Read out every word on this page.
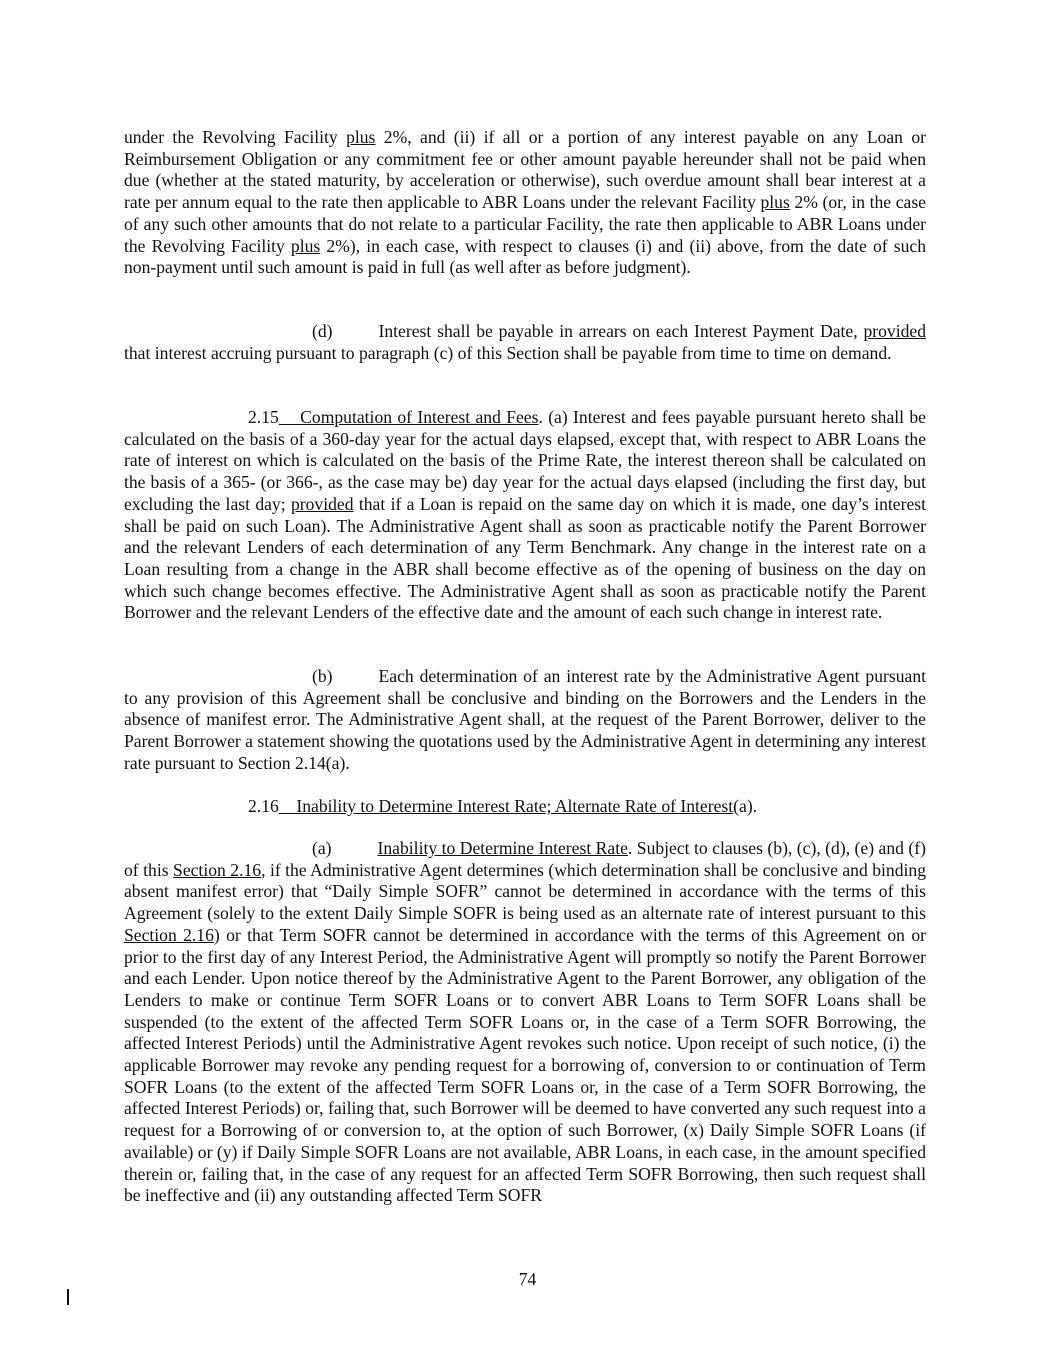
under the Revolving Facility plus 2%, and (ii) if all or a portion of any interest payable on any Loan or Reimbursement Obligation or any commitment fee or other amount payable hereunder shall not be paid when due (whether at the stated maturity, by acceleration or otherwise), such overdue amount shall bear interest at a rate per annum equal to the rate then applicable to ABR Loans under the relevant Facility plus 2% (or, in the case of any such other amounts that do not relate to a particular Facility, the rate then applicable to ABR Loans under the Revolving Facility plus 2%), in each case, with respect to clauses (i) and (ii) above, from the date of such non-payment until such amount is paid in full (as well after as before judgment).

(d)	Interest shall be payable in arrears on each Interest Payment Date, provided that interest accruing pursuant to paragraph (c) of this Section shall be payable from time to time on demand.

2.15 Computation of Interest and Fees. (a) Interest and fees payable pursuant hereto shall be calculated on the basis of a 360-day year for the actual days elapsed, except that, with respect to ABR Loans the rate of interest on which is calculated on the basis of the Prime Rate, the interest thereon shall be calculated on the basis of a 365- (or 366-, as the case may be) day year for the actual days elapsed (including the first day, but excluding the last day; provided that if a Loan is repaid on the same day on which it is made, one day’s interest shall be paid on such Loan). The Administrative Agent shall as soon as practicable notify the Parent Borrower and the relevant Lenders of each determination of any Term Benchmark. Any change in the interest rate on a Loan resulting from a change in the ABR shall become effective as of the opening of business on the day on which such change becomes effective. The Administrative Agent shall as soon as practicable notify the Parent Borrower and the relevant Lenders of the effective date and the amount of each such change in interest rate.

(b)	Each determination of an interest rate by the Administrative Agent pursuant to any provision of this Agreement shall be conclusive and binding on the Borrowers and the Lenders in the absence of manifest error. The Administrative Agent shall, at the request of the Parent Borrower, deliver to the Parent Borrower a statement showing the quotations used by the Administrative Agent in determining any interest rate pursuant to Section 2.14(a).

2.16 Inability to Determine Interest Rate; Alternate Rate of Interest(a).

(a)	Inability to Determine Interest Rate. Subject to clauses (b), (c), (d), (e) and (f) of this Section 2.16, if the Administrative Agent determines (which determination shall be conclusive and binding absent manifest error) that “Daily Simple SOFR” cannot be determined in accordance with the terms of this Agreement (solely to the extent Daily Simple SOFR is being used as an alternate rate of interest pursuant to this Section 2.16) or that Term SOFR cannot be determined in accordance with the terms of this Agreement on or prior to the first day of any Interest Period, the Administrative Agent will promptly so notify the Parent Borrower and each Lender. Upon notice thereof by the Administrative Agent to the Parent Borrower, any obligation of the Lenders to make or continue Term SOFR Loans or to convert ABR Loans to Term SOFR Loans shall be suspended (to the extent of the affected Term SOFR Loans or, in the case of a Term SOFR Borrowing, the affected Interest Periods) until the Administrative Agent revokes such notice. Upon receipt of such notice, (i) the applicable Borrower may revoke any pending request for a borrowing of, conversion to or continuation of Term SOFR Loans (to the extent of the affected Term SOFR Loans or, in the case of a Term SOFR Borrowing, the affected Interest Periods) or, failing that, such Borrower will be deemed to have converted any such request into a request for a Borrowing of or conversion to, at the option of such Borrower, (x) Daily Simple SOFR Loans (if available) or (y) if Daily Simple SOFR Loans are not available, ABR Loans, in each case, in the amount specified therein or, failing that, in the case of any request for an affected Term SOFR Borrowing, then such request shall be ineffective and (ii) any outstanding affected Term SOFR

74
